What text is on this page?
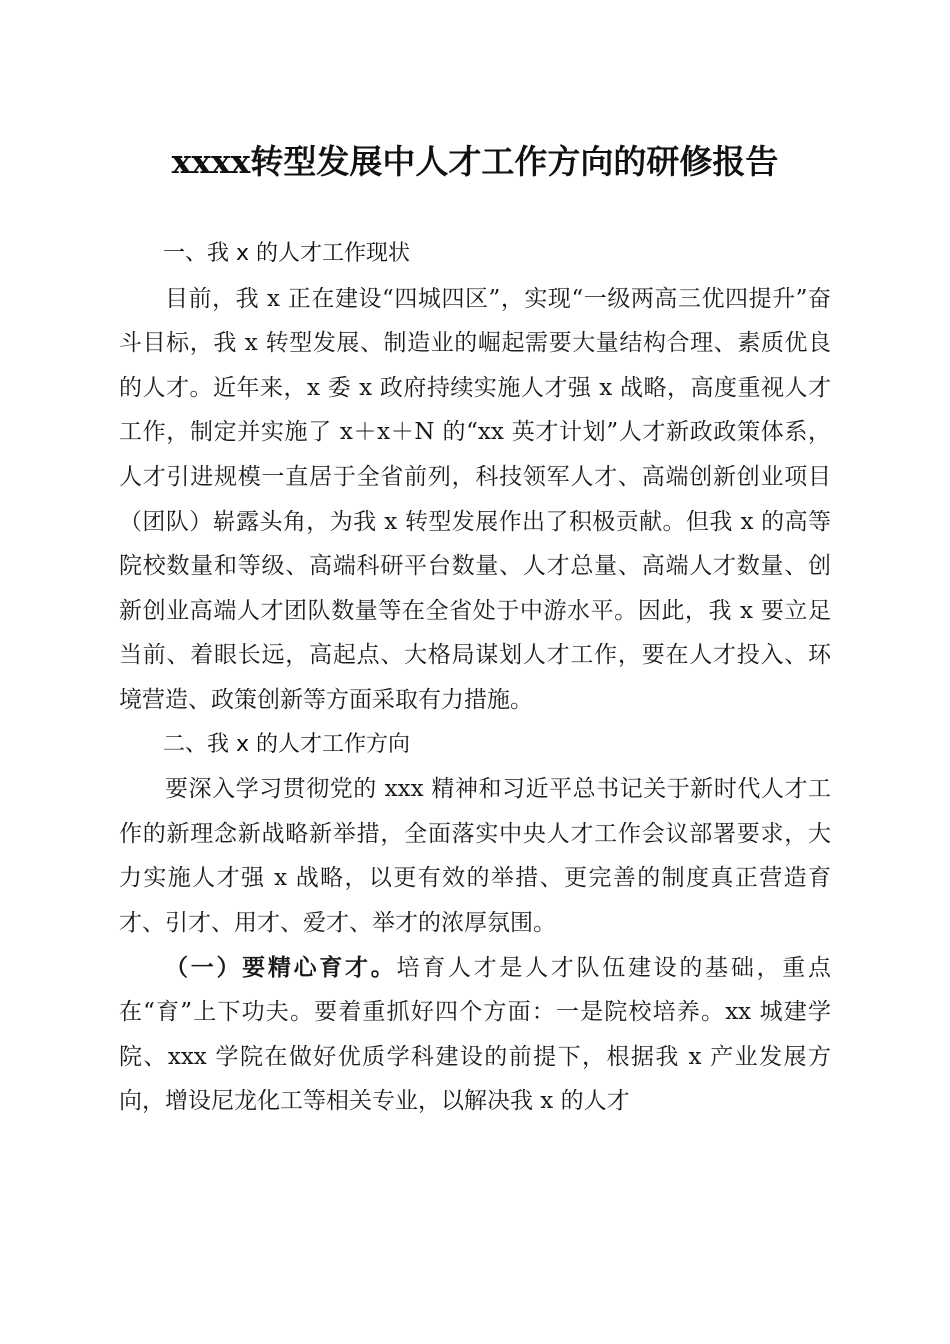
xxxx转型发展中人才工作方向的研修报告
一、我 x 的人才工作现状

目前，我 x 正在建设“四城四区”，实现“一级两高三优四提升”奋斗目标，我 x 转型发展、制造业的崛起需要大量结构合理、素质优良的人才。近年来，x 委 x 政府持续实施人才强 x 战略，高度重视人才工作，制定并实施了 x＋x＋N 的“xx 英才计划”人才新政政策体系，人才引进规模一直居于全省前列，科技领军人才、高端创新创业项目（团队）崭露头角，为我 x 转型发展作出了积极贡献。但我 x 的高等院校数量和等级、高端科研平台数量、人才总量、高端人才数量、创新创业高端人才团队数量等在全省处于中游水平。因此，我 x 要立足当前、着眼长远，高起点、大格局谋划人才工作，要在人才投入、环境营造、政策创新等方面采取有力措施。

二、我 x 的人才工作方向

要深入学习贯彻党的 xxx 精神和习近平总书记关于新时代人才工作的新理念新战略新举措，全面落实中央人才工作会议部署要求，大力实施人才强 x 战略，以更有效的举措、更完善的制度真正营造育才、引才、用才、爱才、举才的浓厚氛围。

（一）要精心育才。培育人才是人才队伍建设的基础，重点在“育”上下功夫。要着重抓好四个方面：一是院校培养。xx 城建学院、xxx 学院在做好优质学科建设的前提下，根据我 x 产业发展方向，增设尼龙化工等相关专业，以解决我 x 的人才
